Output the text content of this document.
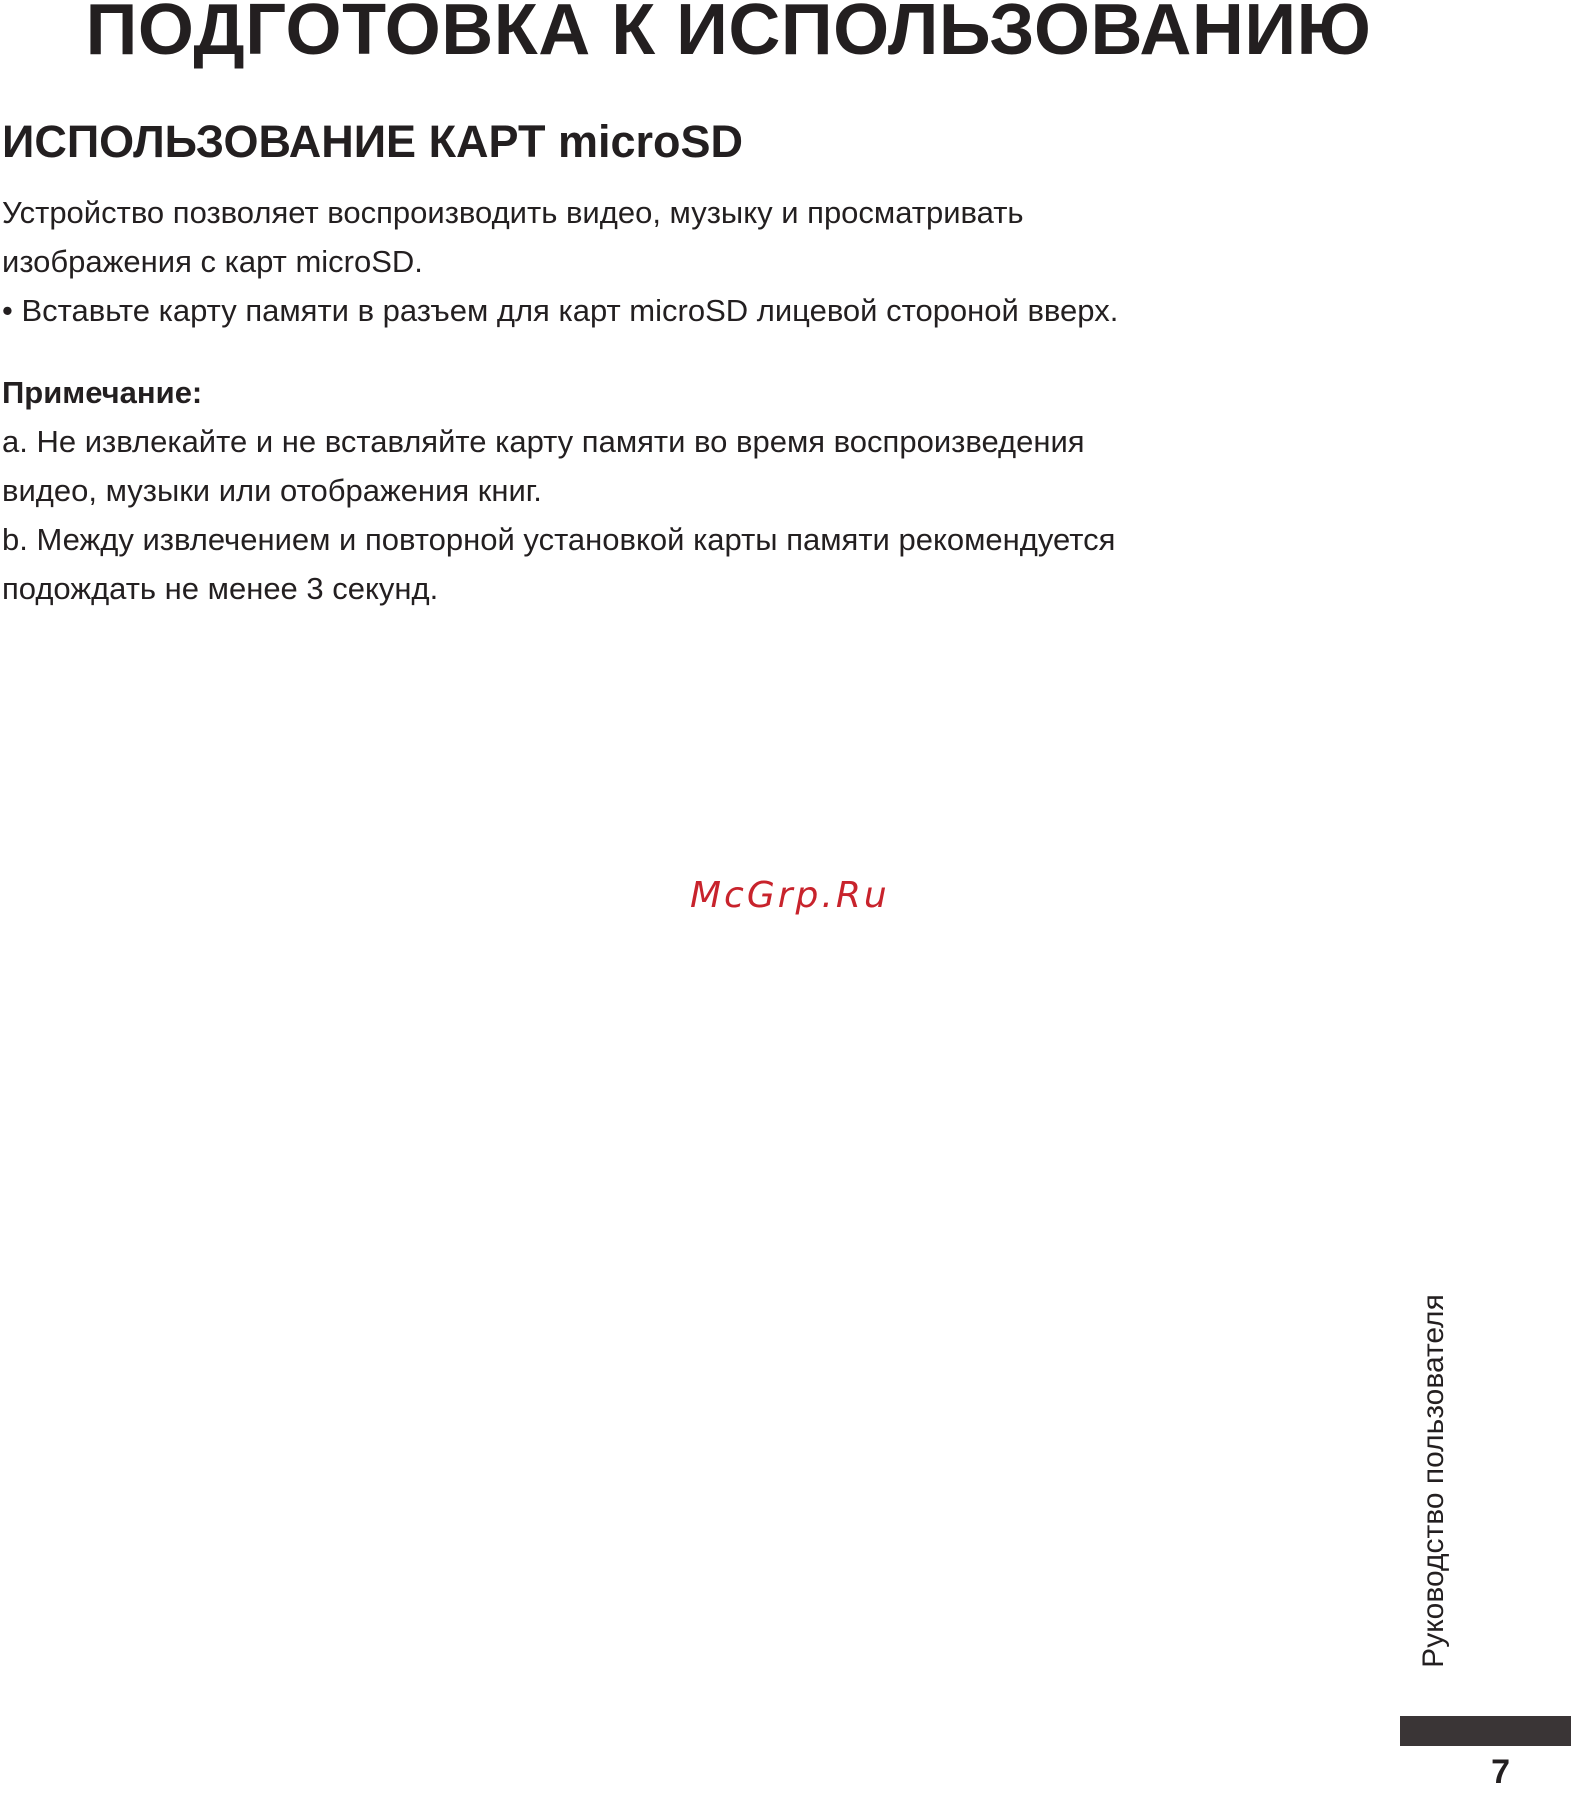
ПОДГОТОВКА К ИСПОЛЬЗОВАНИЮ
ИСПОЛЬЗОВАНИЕ КАРТ microSD

Устройство позволяет воспроизводить видео, музыку и просматривать

изображения с карт microSD.

• Вставьте карту памяти в разъем для карт microSD лицевой стороной вверх.

Примечание:

a. Не извлекайте и не вставляйте карту памяти во время воспроизведения

видео, музыки или отображения книг.

b. Между извлечением и повторной установкой карты памяти рекомендуется

подождать не менее 3 секунд.

McGrp.Ru
Руководство пользователя
7
